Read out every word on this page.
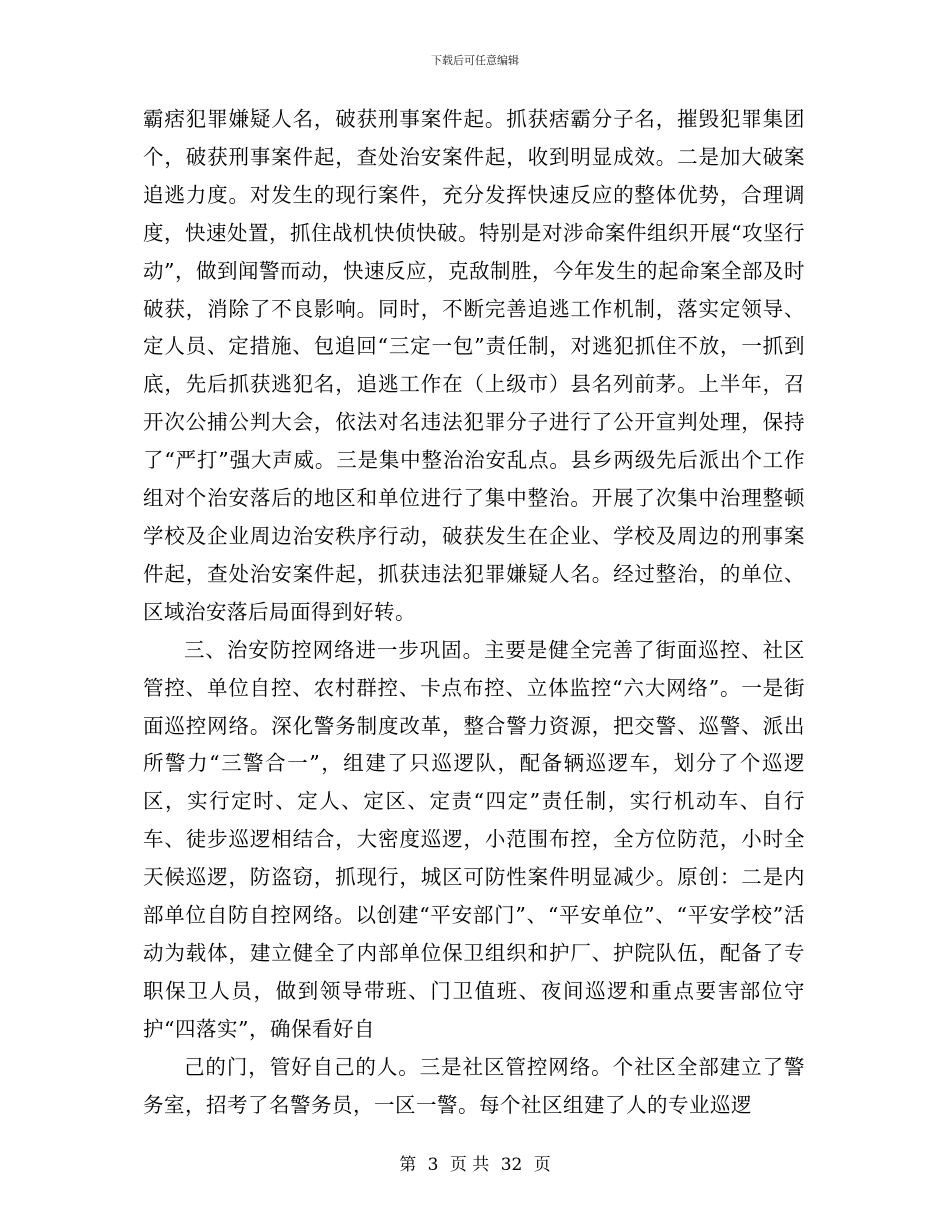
下载后可任意编辑

霸痞犯罪嫌疑人名，破获刑事案件起。抓获痞霸分子名，摧毁犯罪集团个，破获刑事案件起，查处治安案件起，收到明显成效。二是加大破案追逃力度。对发生的现行案件，充分发挥快速反应的整体优势，合理调度，快速处置，抓住战机快侦快破。特别是对涉命案件组织开展“攻坚行动”，做到闻警而动，快速反应，克敌制胜，今年发生的起命案全部及时破获，消除了不良影响。同时，不断完善追逃工作机制，落实定领导、定人员、定措施、包追回“三定一包”责任制，对逃犯抓住不放，一抓到底，先后抓获逃犯名，追逃工作在（上级市）县名列前茅。上半年，召开次公捕公判大会，依法对名违法犯罪分子进行了公开宣判处理，保持了“严打”强大声威。三是集中整治治安乱点。县乡两级先后派出个工作组对个治安落后的地区和单位进行了集中整治。开展了次集中治理整顿学校及企业周边治安秩序行动，破获发生在企业、学校及周边的刑事案件起，查处治安案件起，抓获违法犯罪嫌疑人名。经过整治，的单位、区域治安落后局面得到好转。

三、治安防控网络进一步巩固。主要是健全完善了街面巡控、社区管控、单位自控、农村群控、卡点布控、立体监控“六大网络”。一是街面巡控网络。深化警务制度改革，整合警力资源，把交警、巡警、派出所警力“三警合一”，组建了只巡逻队，配备辆巡逻车，划分了个巡逻区，实行定时、定人、定区、定责“四定”责任制，实行机动车、自行车、徒步巡逻相结合，大密度巡逻，小范围布控，全方位防范，小时全天候巡逻，防盗窃，抓现行，城区可防性案件明显减少。原创：二是内部单位自防自控网络。以创建“平安部门”、“平安单位”、“平安学校”活动为载体，建立健全了内部单位保卫组织和护厂、护院队伍，配备了专职保卫人员，做到领导带班、门卫值班、夜间巡逻和重点要害部位守护“四落实”，确保看好自

己的门，管好自己的人。三是社区管控网络。个社区全部建立了警务室，招考了名警务员，一区一警。每个社区组建了人的专业巡逻

第 3 页 共 32 页
